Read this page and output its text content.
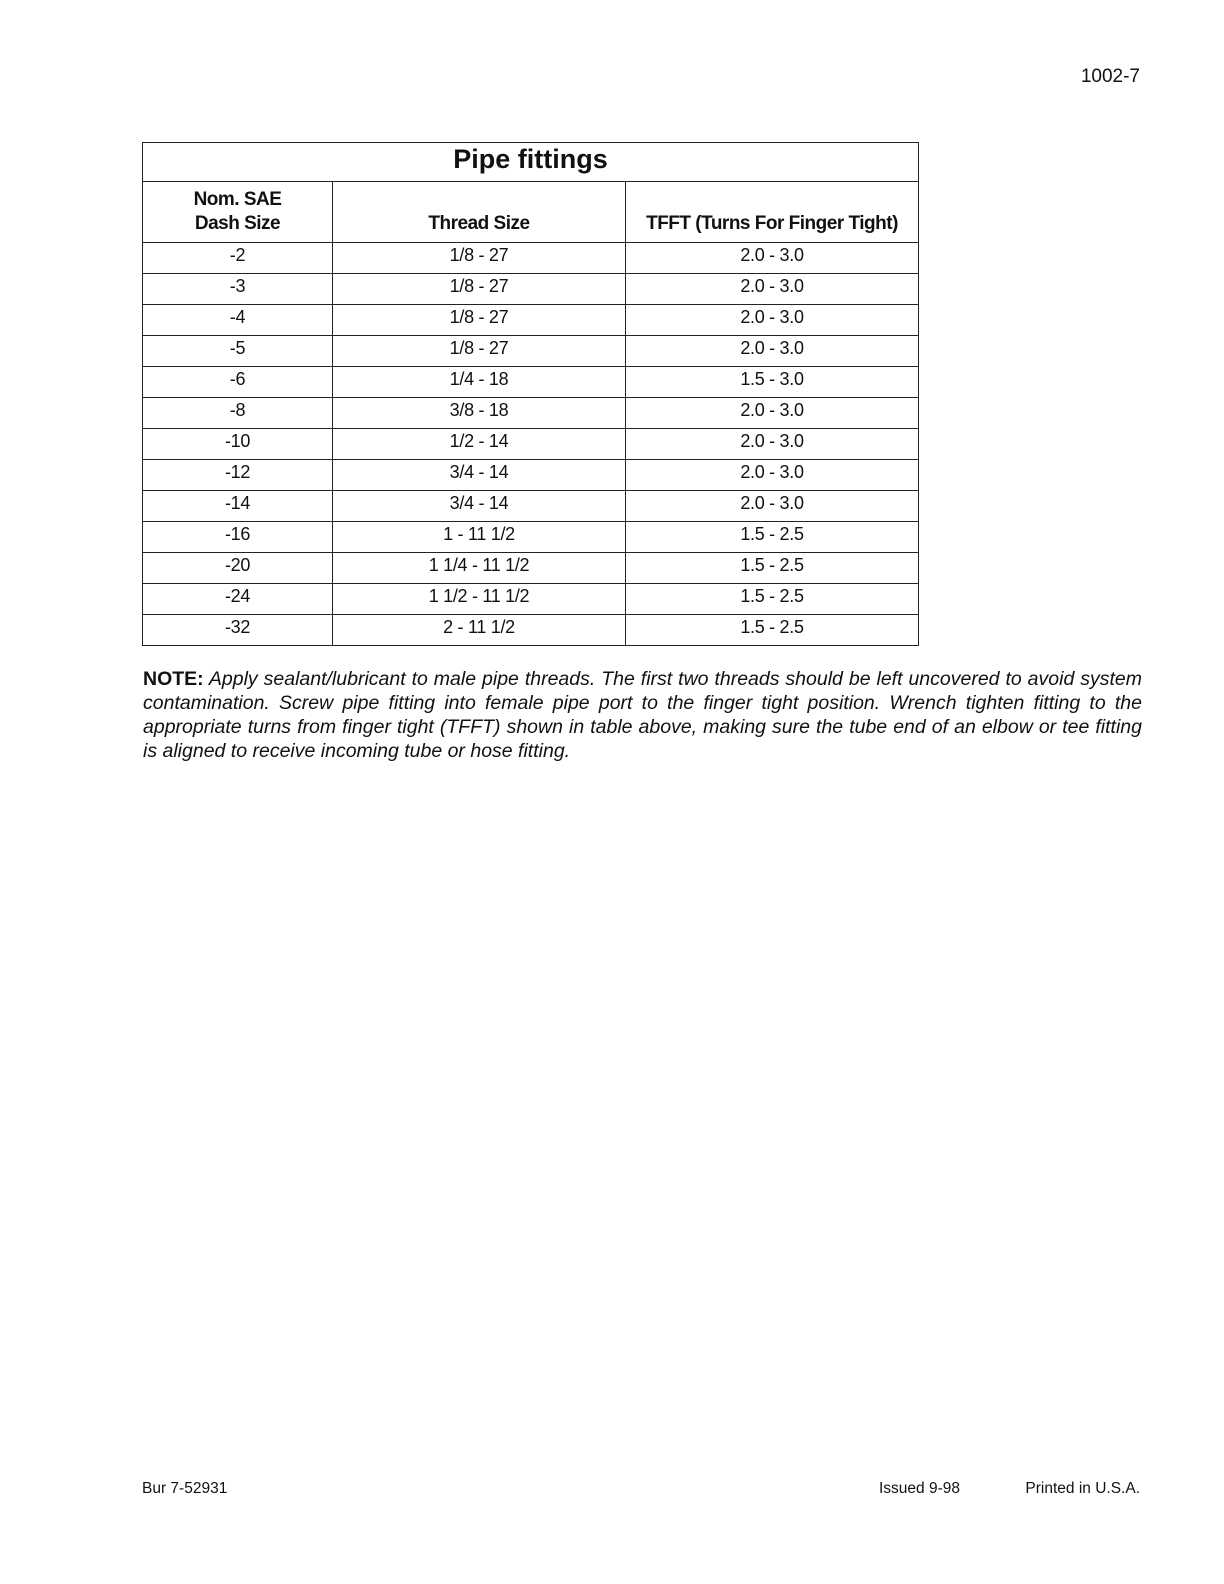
1002-7
Pipe fittings		

Nom. SAE
Dash Size	Thread Size	TFFT (Turns For Finger Tight)
-2	1/8 - 27	2.0 - 3.0
-3	1/8 - 27	2.0 - 3.0
-4	1/8 - 27	2.0 - 3.0
-5	1/8 - 27	2.0 - 3.0
-6	1/4 - 18	1.5 - 3.0
-8	3/8 - 18	2.0 - 3.0
-10	1/2 - 14	2.0 - 3.0
-12	3/4 - 14	2.0 - 3.0
-14	3/4 - 14	2.0 - 3.0
-16	1 - 11 1/2	1.5 - 2.5
-20	1 1/4 - 11 1/2	1.5 - 2.5
-24	1 1/2 - 11 1/2	1.5 - 2.5
-32	2 - 11 1/2	1.5 - 2.5
NOTE: Apply sealant/lubricant to male pipe threads. The first two threads should be left uncovered to avoid system contamination. Screw pipe fitting into female pipe port to the finger tight position. Wrench tighten fitting to the appropriate turns from finger tight (TFFT) shown in table above, making sure the tube end of an elbow or tee fitting is aligned to receive incoming tube or hose fitting.
Bur 7-52931	Issued 9-98	Printed in U.S.A.
